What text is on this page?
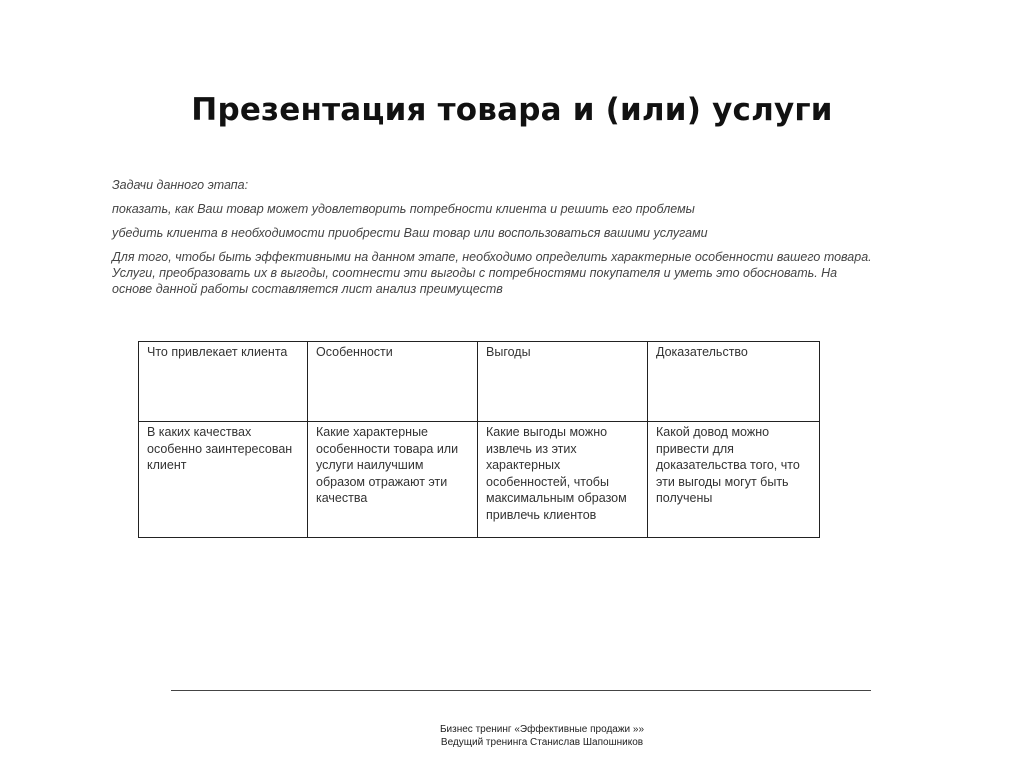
Презентация товара и (или) услуги

Задачи данного этапа:

показать, как Ваш товар может удовлетворить потребности клиента и решить его проблемы

убедить клиента в необходимости приобрести Ваш товар или воспользоваться вашими услугами

Для того, чтобы быть эффективными на данном этапе, необходимо определить характерные особенности вашего товара. Услуги, преобразовать их в выгоды, соотнести эти выгоды с потребностями покупателя и уметь это обосновать. На основе данной работы составляется лист анализ преимуществ

Что привлекает клиента	Особенности	Выгоды	Доказательство
В каких качествах особенно заинтересован клиент	Какие характерные особенности товара или услуги наилучшим образом отражают эти качества	Какие выгоды можно извлечь из этих характерных особенностей, чтобы максимальным образом привлечь клиентов	Какой довод можно привести для доказательства того, что эти выгоды могут быть получены
Бизнес тренинг «Эффективные продажи »»
Ведущий тренинга Станислав Шапошников
